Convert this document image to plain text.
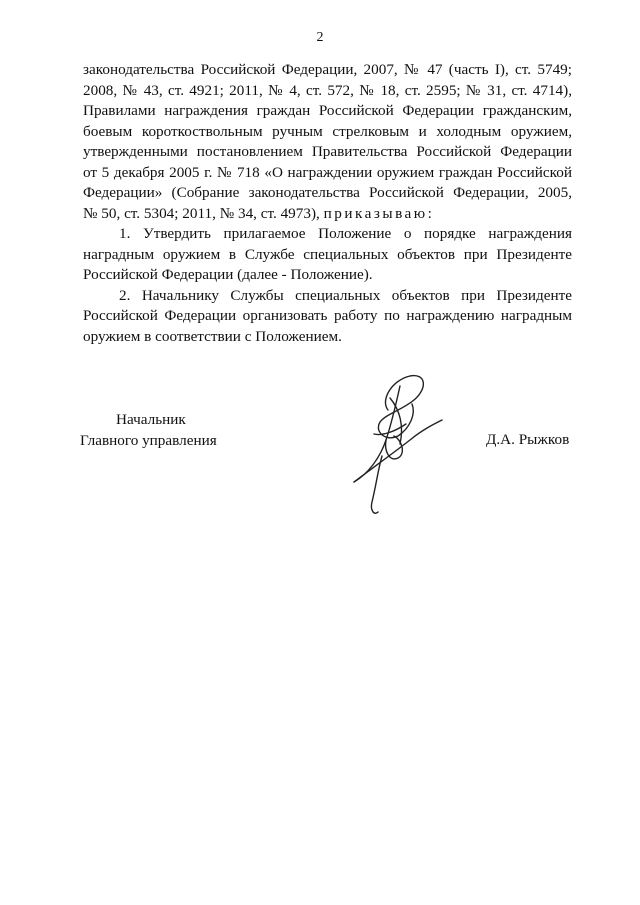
2
законодательства Российской Федерации, 2007, № 47 (часть I), ст. 5749;
2008, № 43, ст. 4921; 2011, № 4, ст. 572, № 18, ст. 2595; № 31, ст. 4714),
Правилами награждения граждан Российской Федерации гражданским,
боевым короткоствольным ручным стрелковым и холодным оружием,
утвержденными постановлением Правительства Российской Федерации
от 5 декабря 2005 г. № 718 «О награждении оружием граждан Российской
Федерации» (Собрание законодательства Российской Федерации, 2005,
№ 50, ст. 5304; 2011, № 34, ст. 4973), приказываю:
1. Утвердить прилагаемое Положение о порядке награждения
наградным оружием в Службе специальных объектов при Президенте
Российской Федерации (далее - Положение).
2. Начальнику Службы специальных объектов при Президенте
Российской Федерации организовать работу по награждению наградным
оружием в соответствии с Положением.
Начальник
Главного управления	Д.А. Рыжков
